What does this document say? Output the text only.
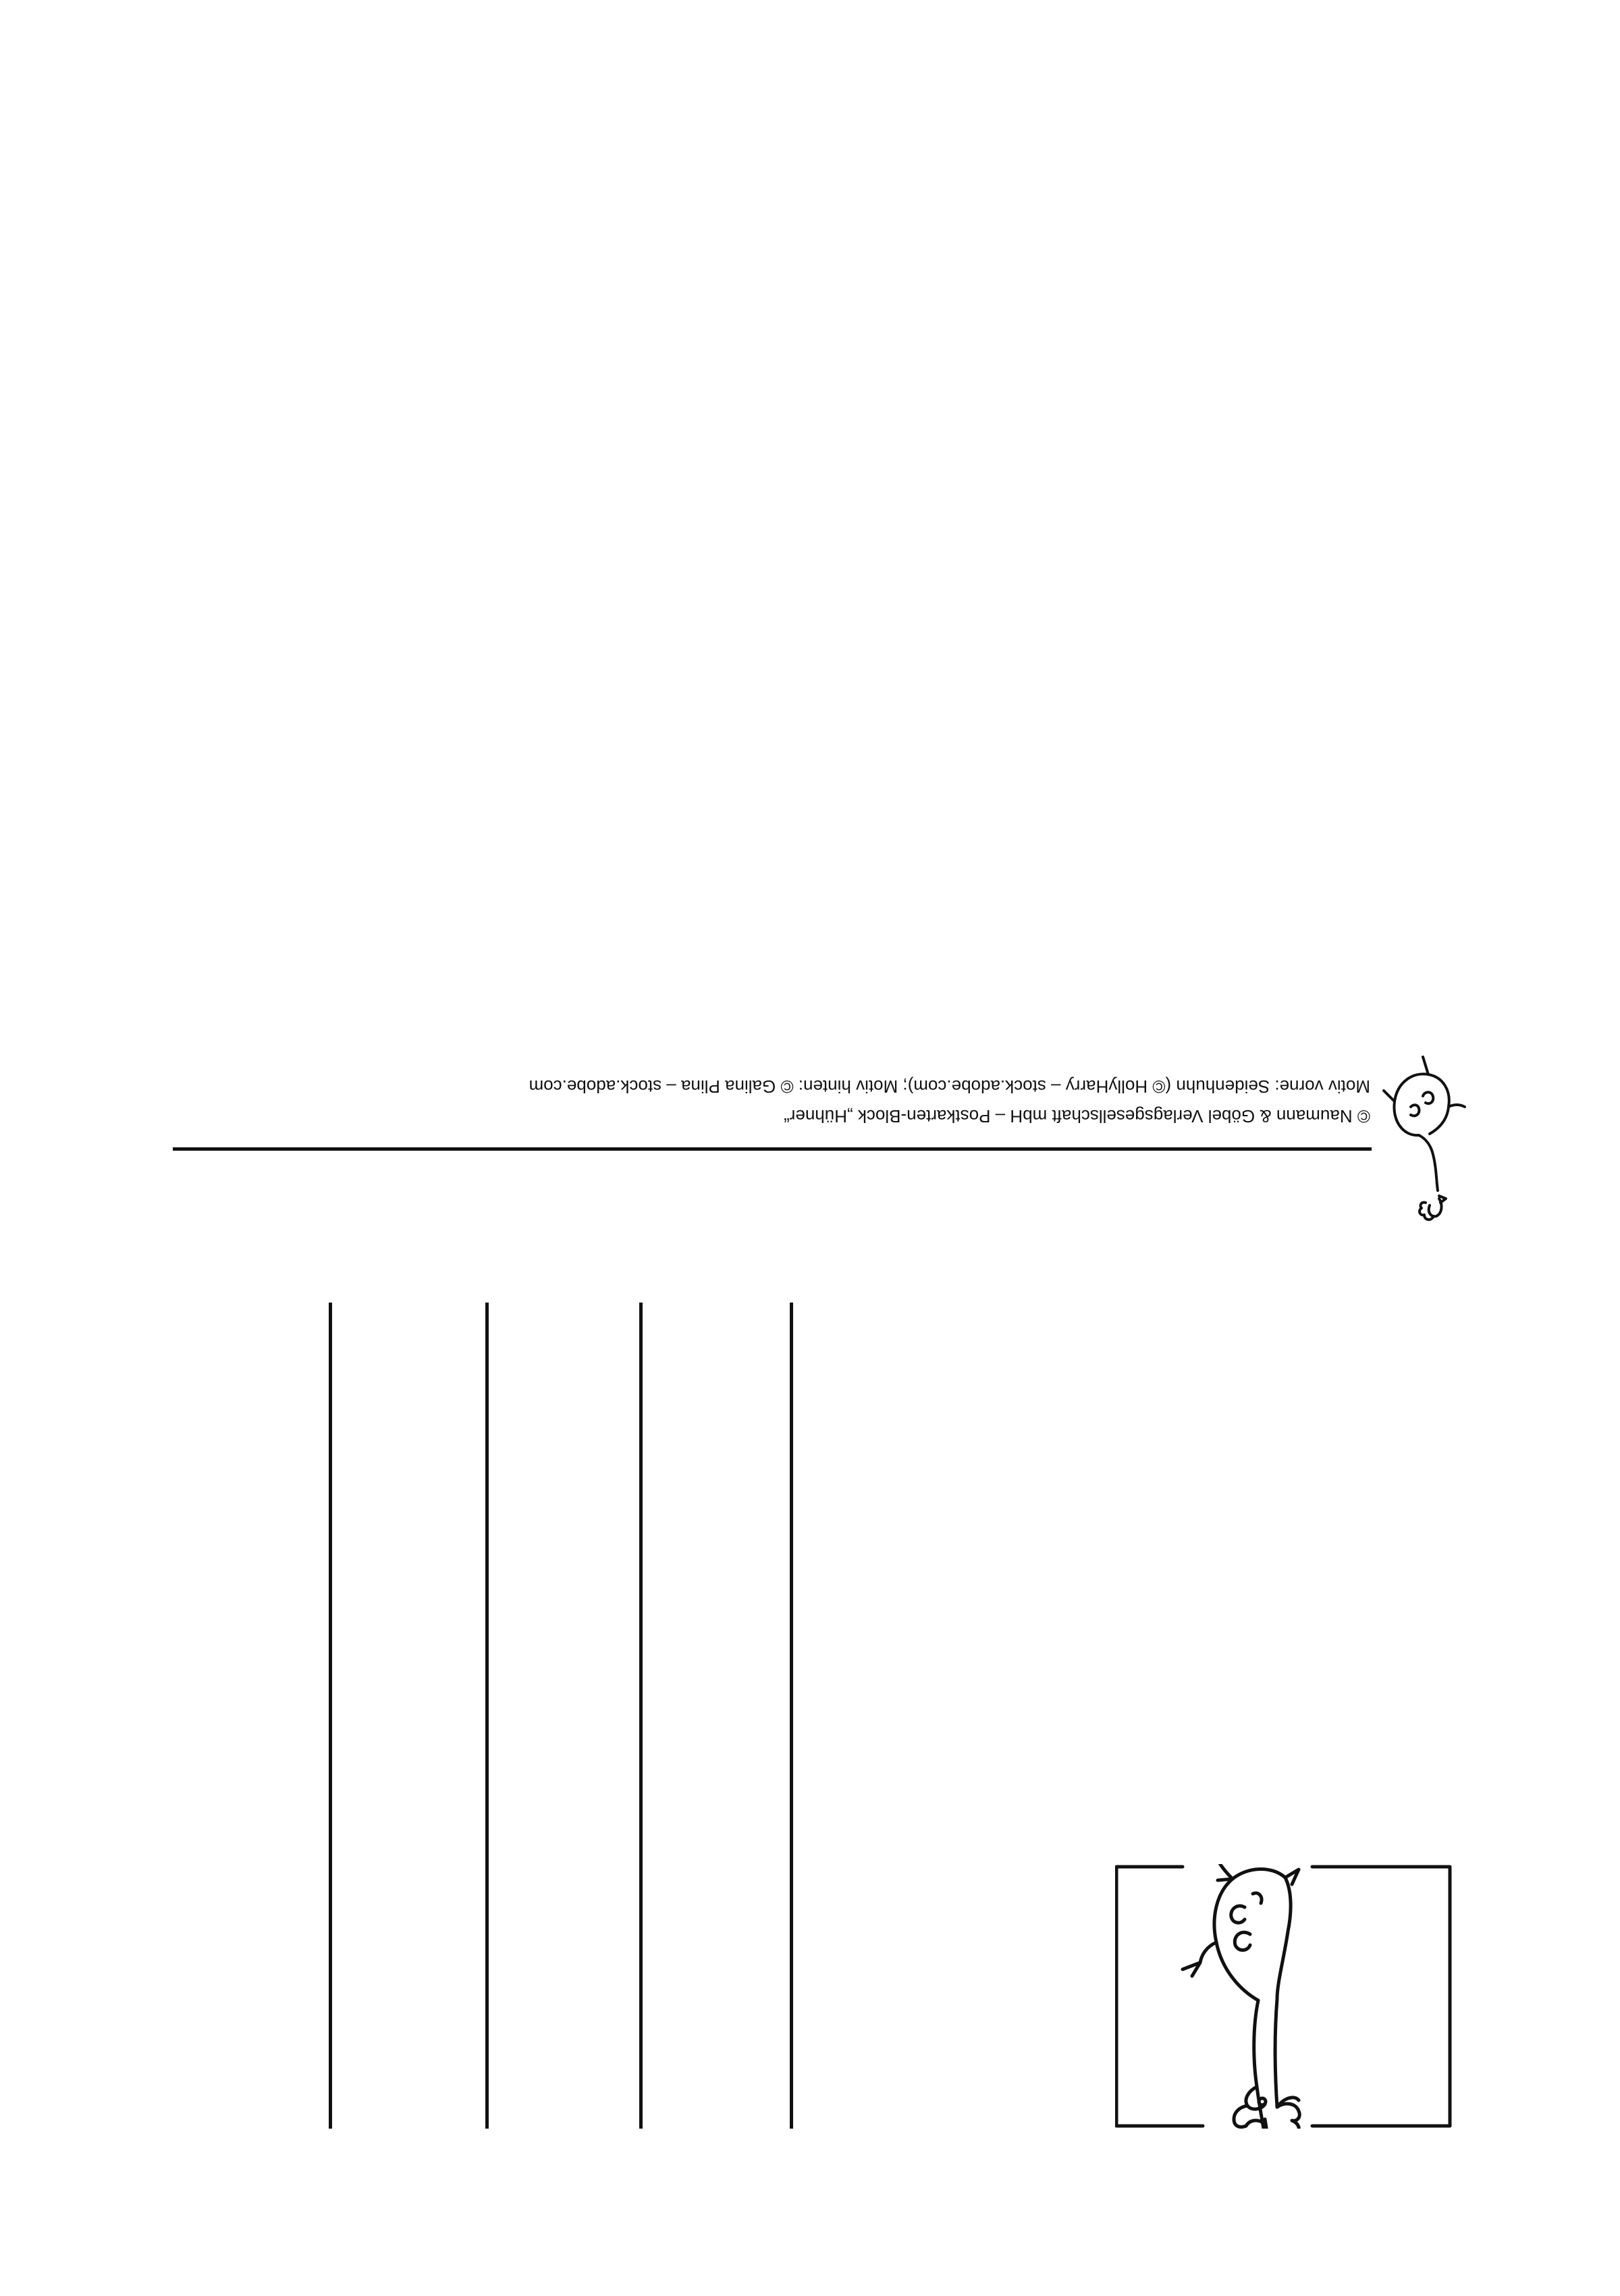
© Naumann & Göbel Verlagsgesellschaft mbH – Postkarten-Block „Hühner“
Motiv vorne: Seidenhuhn (© HollyHarry – stock.adobe.com); Motiv hinten: © Galina Plina – stock.adobe.com
